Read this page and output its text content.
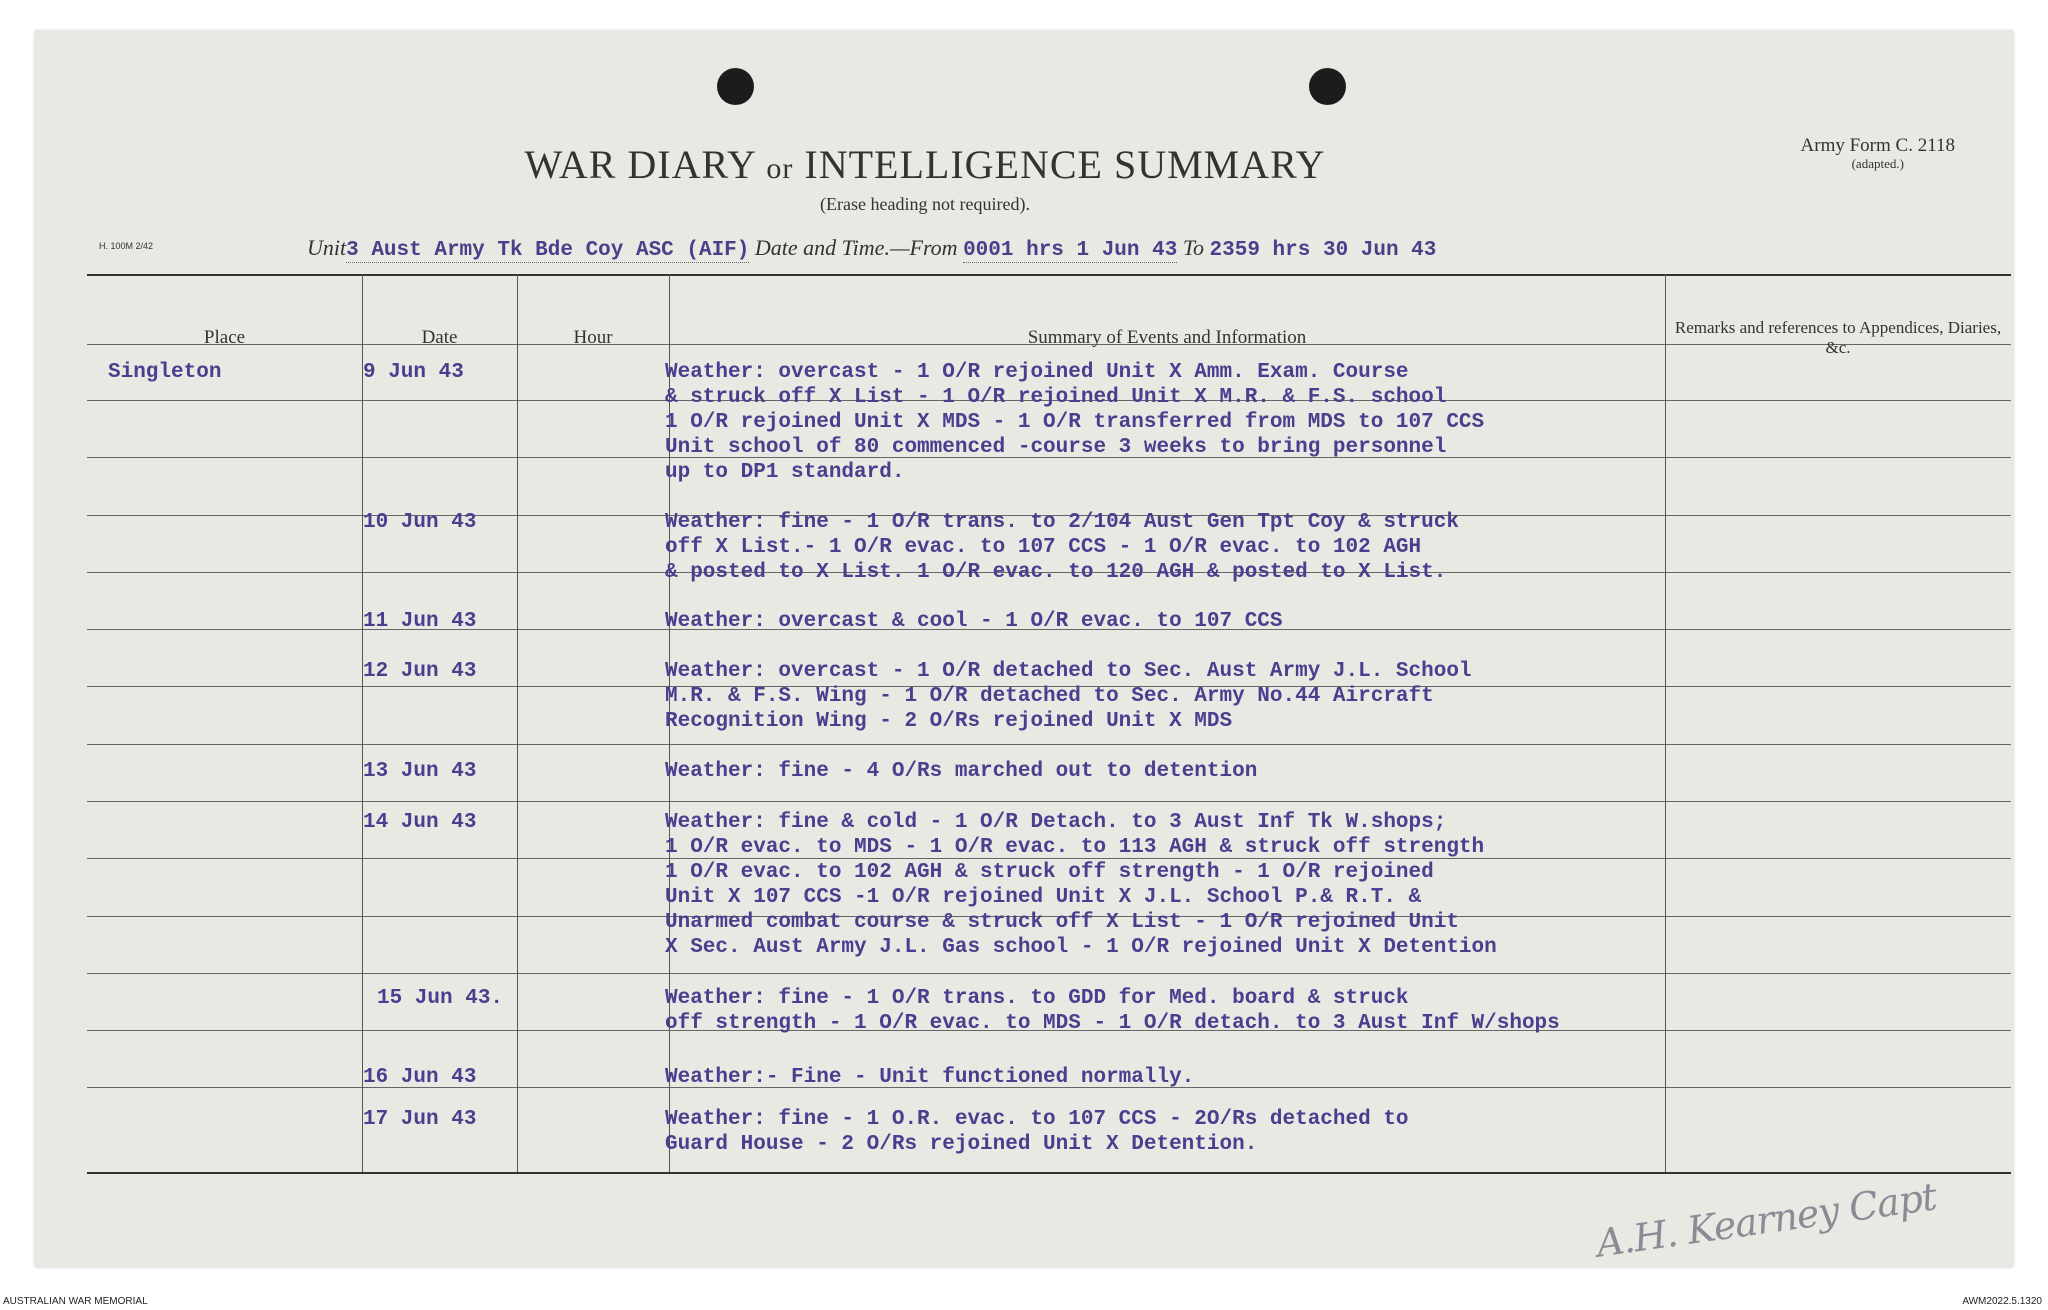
WAR DIARY or INTELLIGENCE SUMMARY
(Erase heading not required).
Army Form C. 2118
(adapted.)
H. 100M 2/42	Unit3 Aust Army Tk Bde Coy ASC (AIF) Date and Time.—From 0001 hrs 1 Jun 43 To 2359 hrs 30 Jun 43
Place	Date	Hour	Summary of Events and Information	Remarks and references to Appendices, Diaries, &c.
Singleton	9 Jun 43	Weather: overcast - 1 O/R rejoined Unit X Amm. Exam. Course
& struck off X List - 1 O/R rejoined Unit X M.R. & F.S. school
1 O/R rejoined Unit X MDS - 1 O/R transferred from MDS to 107 CCS
Unit school of 80 commenced -course 3 weeks to bring personnel
up to DP1 standard.
10 Jun 43	Weather: fine - 1 O/R trans. to 2/104 Aust Gen Tpt Coy & struck
off X List.- 1 O/R evac. to 107 CCS - 1 O/R evac. to 102 AGH
& posted to X List. 1 O/R evac. to 120 AGH & posted to X List.
11 Jun 43	Weather: overcast & cool - 1 O/R evac. to 107 CCS
12 Jun 43	Weather: overcast - 1 O/R detached to Sec. Aust Army J.L. School
M.R. & F.S. Wing - 1 O/R detached to Sec. Army No.44 Aircraft
Recognition Wing - 2 O/Rs rejoined Unit X MDS
13 Jun 43	Weather: fine - 4 O/Rs marched out to detention
14 Jun 43	Weather: fine & cold - 1 O/R Detach. to 3 Aust Inf Tk W.shops;
1 O/R evac. to MDS - 1 O/R evac. to 113 AGH & struck off strength
1 O/R evac. to 102 AGH & struck off strength - 1 O/R rejoined
Unit X 107 CCS -1 O/R rejoined Unit X J.L. School P.& R.T. &
Unarmed combat course & struck off X List - 1 O/R rejoined Unit
X Sec. Aust Army J.L. Gas school - 1 O/R rejoined Unit X Detention
15 Jun 43.	Weather: fine - 1 O/R trans. to GDD for Med. board & struck
off strength - 1 O/R evac. to MDS - 1 O/R detach. to 3 Aust Inf W/shops
16 Jun 43	Weather:- Fine - Unit functioned normally.
17 Jun 43	Weather: fine - 1 O.R. evac. to 107 CCS - 2O/Rs detached to
Guard House - 2 O/Rs rejoined Unit X Detention.
A.H. Kearney Capt
AUSTRALIAN WAR MEMORIAL	AWM2022.5.1320
